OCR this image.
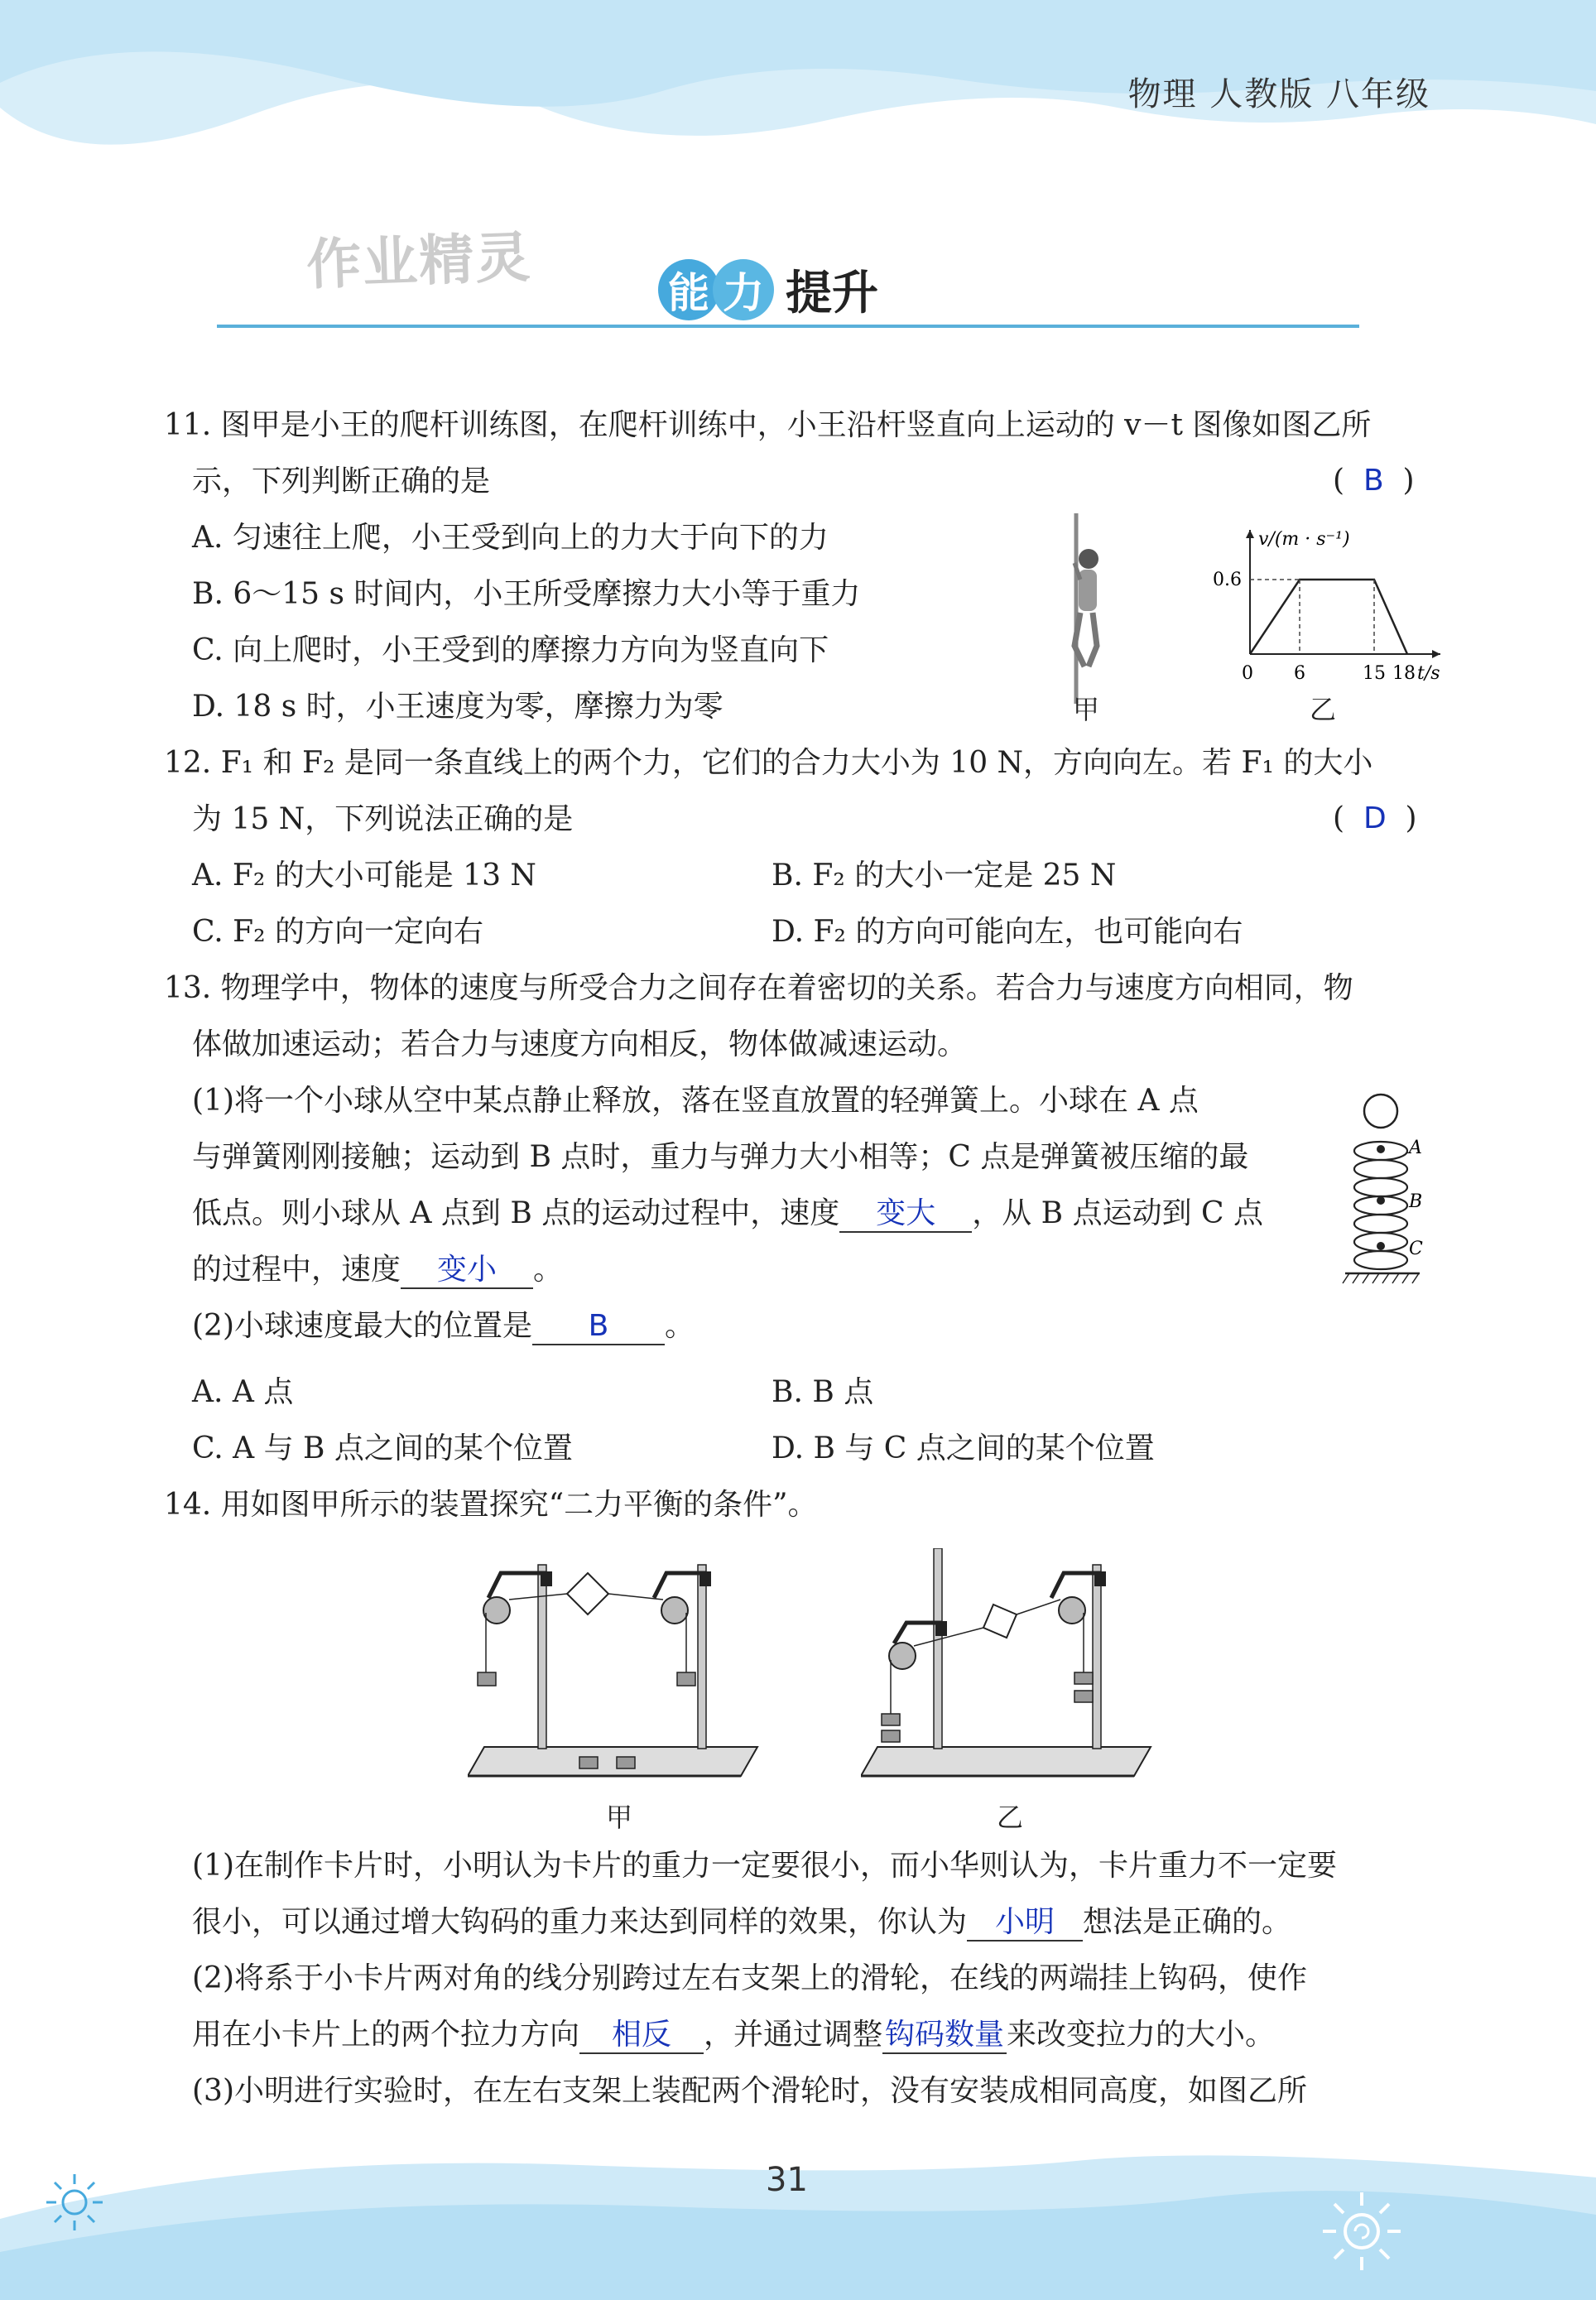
物理 人教版 八年级
作业精灵	能 力 提升
11. 图甲是小王的爬杆训练图，在爬杆训练中，小王沿杆竖直向上运动的 v－t 图像如图乙所
示，下列判断正确的是	(  B  )
A. 匀速往上爬，小王受到向上的力大于向下的力
B. 6～15 s 时间内，小王所受摩擦力大小等于重力
C. 向上爬时，小王受到的摩擦力方向为竖直向下
D. 18 s 时，小王速度为零，摩擦力为零	甲
v/(m · s⁻¹)
0.6
0 6	15 18 t/s
乙
12. F₁ 和 F₂ 是同一条直线上的两个力，它们的合力大小为 10 N，方向向左。若 F₁ 的大小
为 15 N，下列说法正确的是	(  D  )
A. F₂ 的大小可能是 13 N	B. F₂ 的大小一定是 25 N
C. F₂ 的方向一定向右	D. F₂ 的方向可能向左，也可能向右
13. 物理学中，物体的速度与所受合力之间存在着密切的关系。若合力与速度方向相同，物
体做加速运动；若合力与速度方向相反，物体做减速运动。
(1)将一个小球从空中某点静止释放，落在竖直放置的轻弹簧上。小球在 A 点
与弹簧刚刚接触；运动到 B 点时，重力与弹力大小相等；C 点是弹簧被压缩的最
低点。则小球从 A 点到 B 点的运动过程中，速度 变大 ，从 B 点运动到 C 点
的过程中，速度 变小 。
(2)小球速度最大的位置是 B 。
A. A 点	B. B 点
C. A 与 B 点之间的某个位置	D. B 与 C 点之间的某个位置
A
B
C
14. 用如图甲所示的装置探究“二力平衡的条件”。
甲	乙
(1)在制作卡片时，小明认为卡片的重力一定要很小，而小华则认为，卡片重力不一定要
很小，可以通过增大钩码的重力来达到同样的效果，你认为 小明 想法是正确的。
(2)将系于小卡片两对角的线分别跨过左右支架上的滑轮，在线的两端挂上钩码，使作
用在小卡片上的两个拉力方向 相反 ，并通过调整钩码数量来改变拉力的大小。
(3)小明进行实验时，在左右支架上装配两个滑轮时，没有安装成相同高度，如图乙所
31
